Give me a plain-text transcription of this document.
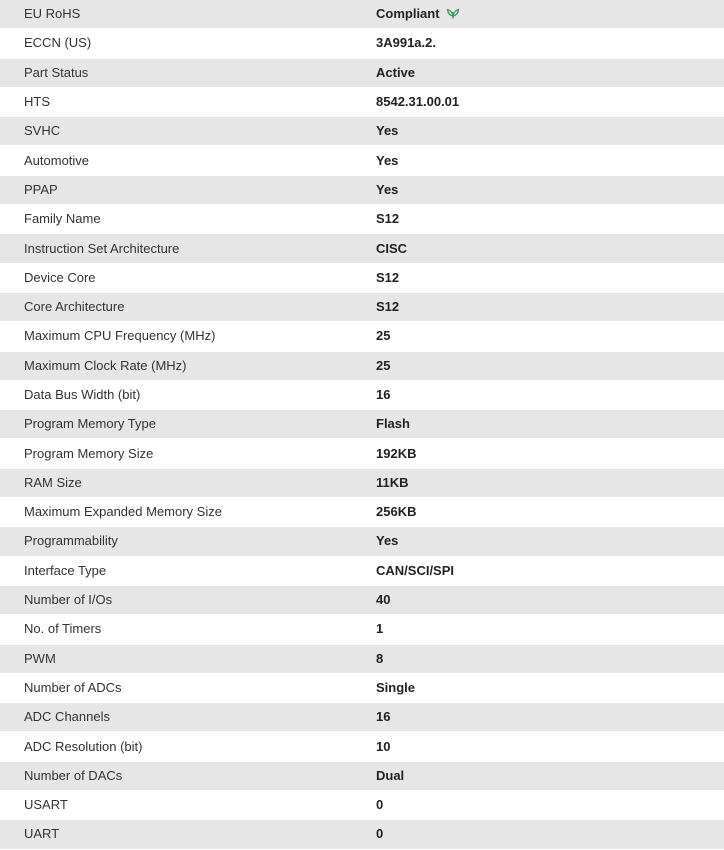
EU RoHS	Compliant
ECCN (US)	3A991a.2.
Part Status	Active
HTS	8542.31.00.01
SVHC	Yes
Automotive	Yes
PPAP	Yes
Family Name	S12
Instruction Set Architecture	CISC
Device Core	S12
Core Architecture	S12
Maximum CPU Frequency (MHz)	25
Maximum Clock Rate (MHz)	25
Data Bus Width (bit)	16
Program Memory Type	Flash
Program Memory Size	192KB
RAM Size	11KB
Maximum Expanded Memory Size	256KB
Programmability	Yes
Interface Type	CAN/SCI/SPI
Number of I/Os	40
No. of Timers	1
PWM	8
Number of ADCs	Single
ADC Channels	16
ADC Resolution (bit)	10
Number of DACs	Dual
USART	0
UART	0
